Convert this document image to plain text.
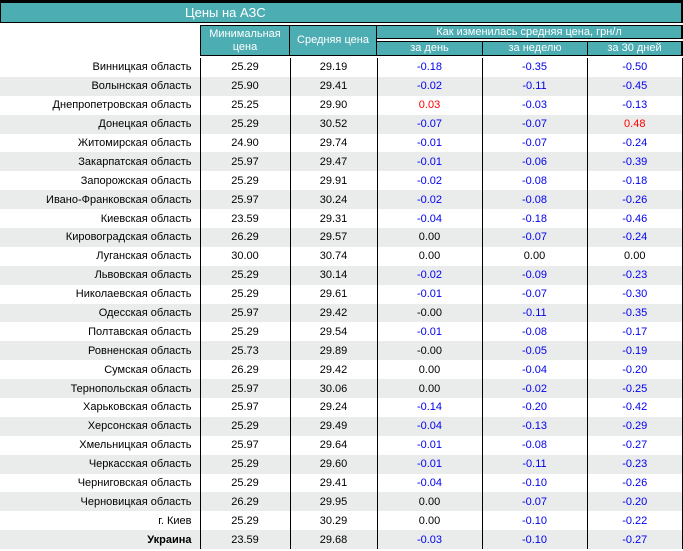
Цены на АЗС
Минимальная цена
Средняя цена
Как изменилась средняя цена, грн/л
за день	за неделю	за 30 дней
Винницкая область	25.29	29.19	-0.18	-0.35	-0.50
Волынская область	25.90	29.41	-0.02	-0.11	-0.45
Днепропетровская область	25.25	29.90	0.03	-0.03	-0.13
Донецкая область	25.29	30.52	-0.07	-0.07	0.48
Житомирская область	24.90	29.74	-0.01	-0.07	-0.24
Закарпатская область	25.97	29.47	-0.01	-0.06	-0.39
Запорожская область	25.29	29.91	-0.02	-0.08	-0.18
Ивано-Франковская область	25.97	30.24	-0.02	-0.08	-0.26
Киевская область	23.59	29.31	-0.04	-0.18	-0.46
Кировоградская область	26.29	29.57	0.00	-0.07	-0.24
Луганская область	30.00	30.74	0.00	0.00	0.00
Львовская область	25.29	30.14	-0.02	-0.09	-0.23
Николаевская область	25.29	29.61	-0.01	-0.07	-0.30
Одесская область	25.97	29.42	-0.00	-0.11	-0.35
Полтавская область	25.29	29.54	-0.01	-0.08	-0.17
Ровненская область	25.73	29.89	-0.00	-0.05	-0.19
Сумская область	26.29	29.42	0.00	-0.04	-0.20
Тернопольская область	25.97	30.06	0.00	-0.02	-0.25
Харьковская область	25.97	29.24	-0.14	-0.20	-0.42
Херсонская область	25.29	29.49	-0.04	-0.13	-0.29
Хмельницкая область	25.97	29.64	-0.01	-0.08	-0.27
Черкасская область	25.29	29.60	-0.01	-0.11	-0.23
Черниговская область	25.29	29.41	-0.04	-0.10	-0.26
Черновицкая область	26.29	29.95	0.00	-0.07	-0.20
г. Киев	25.29	30.29	0.00	-0.10	-0.22
Украина	23.59	29.68	-0.03	-0.10	-0.27
